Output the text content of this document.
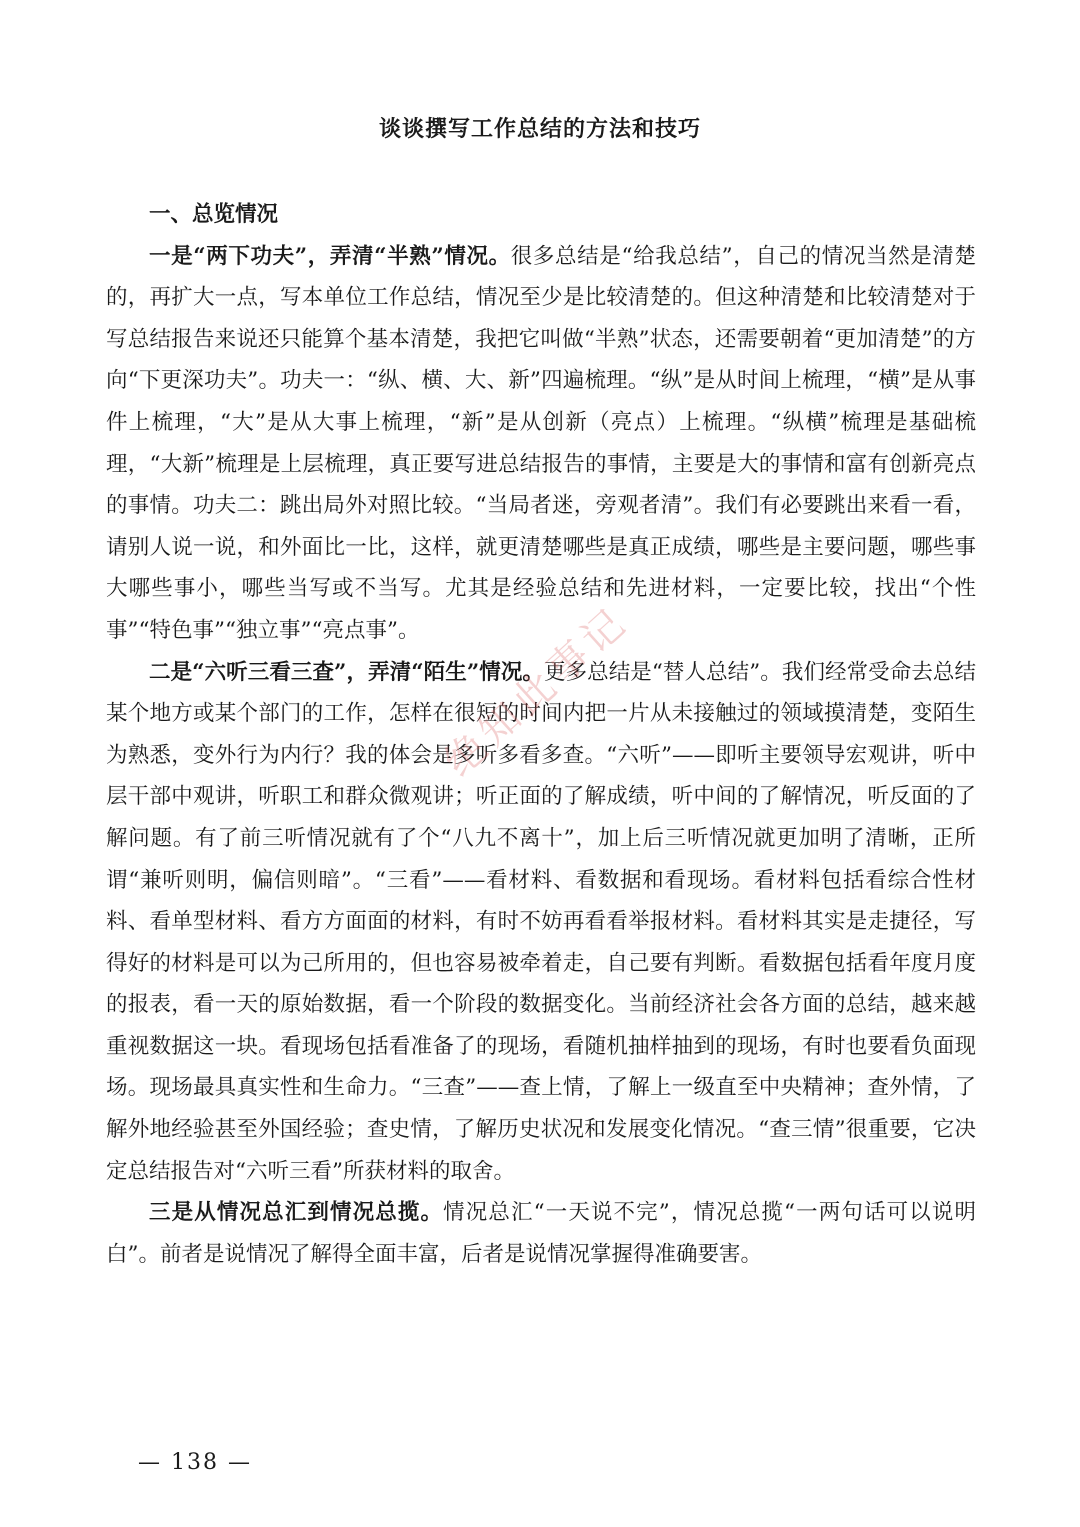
谈谈撰写工作总结的方法和技巧

一、总览情况

一是“两下功夫”，弄清“半熟”情况。很多总结是“给我总结”，自己的情况当然是清楚的，再扩大一点，写本单位工作总结，情况至少是比较清楚的。但这种清楚和比较清楚对于写总结报告来说还只能算个基本清楚，我把它叫做“半熟”状态，还需要朝着“更加清楚”的方向“下更深功夫”。功夫一：“纵、横、大、新”四遍梳理。“纵”是从时间上梳理，“横”是从事件上梳理，“大”是从大事上梳理，“新”是从创新（亮点）上梳理。“纵横”梳理是基础梳理，“大新”梳理是上层梳理，真正要写进总结报告的事情，主要是大的事情和富有创新亮点的事情。功夫二：跳出局外对照比较。“当局者迷，旁观者清”。我们有必要跳出来看一看，请别人说一说，和外面比一比，这样，就更清楚哪些是真正成绩，哪些是主要问题，哪些事大哪些事小，哪些当写或不当写。尤其是经验总结和先进材料，一定要比较，找出“个性事”“特色事”“独立事”“亮点事”。

二是“六听三看三查”，弄清“陌生”情况。更多总结是“替人总结”。我们经常受命去总结某个地方或某个部门的工作，怎样在很短的时间内把一片从未接触过的领域摸清楚，变陌生为熟悉，变外行为内行？我的体会是多听多看多查。“六听”——即听主要领导宏观讲，听中层干部中观讲，听职工和群众微观讲；听正面的了解成绩，听中间的了解情况，听反面的了解问题。有了前三听情况就有了个“八九不离十”，加上后三听情况就更加明了清晰，正所谓“兼听则明，偏信则暗”。“三看”——看材料、看数据和看现场。看材料包括看综合性材料、看单型材料、看方方面面的材料，有时不妨再看看举报材料。看材料其实是走捷径，写得好的材料是可以为己所用的，但也容易被牵着走，自己要有判断。看数据包括看年度月度的报表，看一天的原始数据，看一个阶段的数据变化。当前经济社会各方面的总结，越来越重视数据这一块。看现场包括看准备了的现场，看随机抽样抽到的现场，有时也要看负面现场。现场最具真实性和生命力。“三查”——查上情，了解上一级直至中央精神；查外情，了解外地经验甚至外国经验；查史情，了解历史状况和发展变化情况。“查三情”很重要，它决定总结报告对“六听三看”所获材料的取舍。

三是从情况总汇到情况总揽。情况总汇“一天说不完”，情况总揽“一两句话可以说明白”。前者是说情况了解得全面丰富，后者是说情况掌握得准确要害。

— 138 —
绝知此事记
